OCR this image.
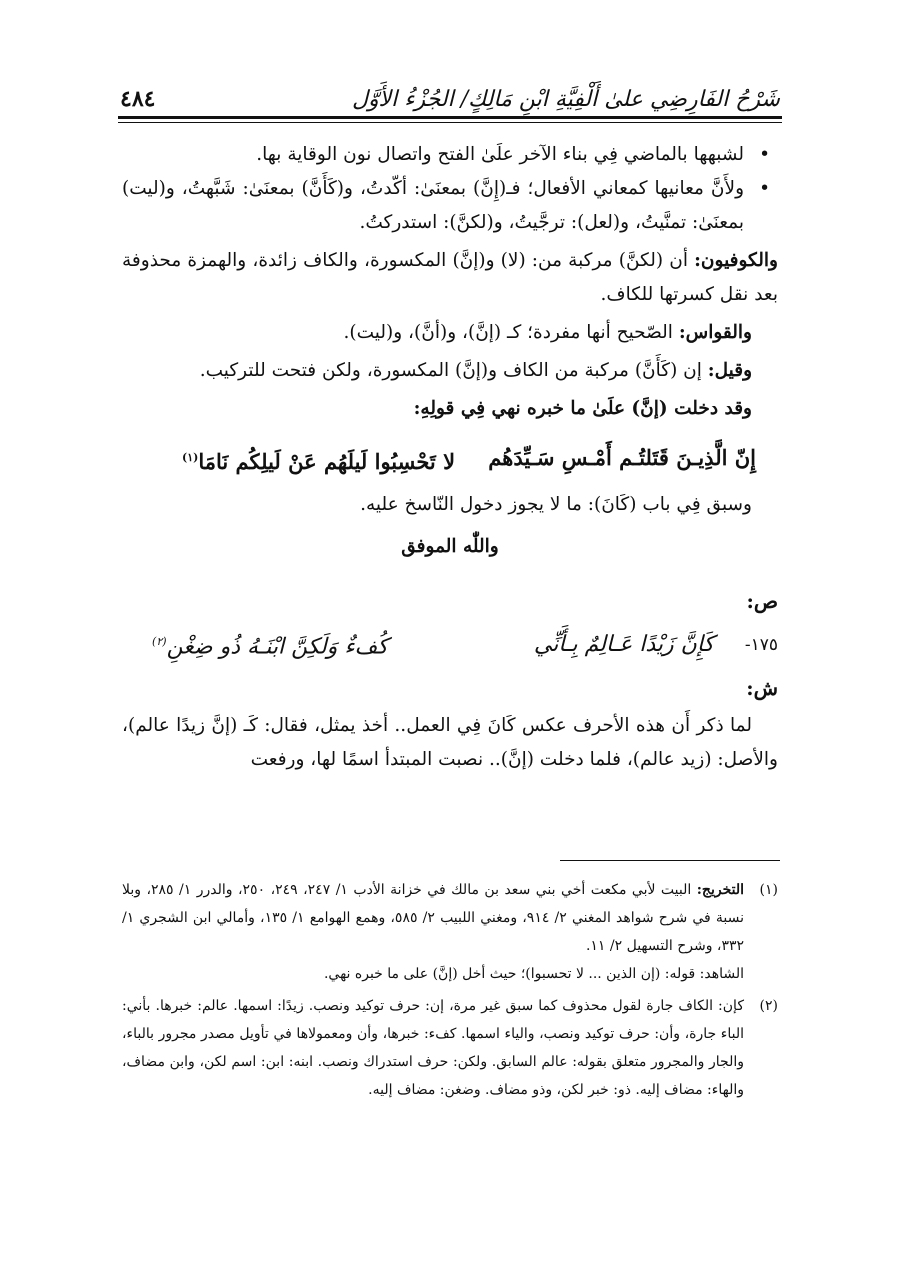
٤٨٤	شَرْحُ الفَارِضِي علىٰ أَلْفِيَّةِ ابْنِ مَالِكٍ/ الجُزْءُ الأَوَّل

• لشبهها بالماضي فِي بناء الآخر علَىٰ الفتح واتصال نون الوقاية بها.

• ولأَنَّ معانيها كمعاني الأفعال؛ فـ(إِنَّ) بمعنَىٰ: أكّدتُ، و(كَأَنَّ) بمعنَىٰ: شَبَّهتُ، و(ليت) بمعنَىٰ: تمنَّيتُ، و(لعل): ترجَّيتُ، و(لكنَّ): استدركتُ.

والكوفيون: أن (لكنَّ) مركبة من: (لا) و(إنَّ) المكسورة، والكاف زائدة، والهمزة محذوفة بعد نقل كسرتها للكاف.

والقواس: الصّحيح أنها مفردة؛ كـ (إنَّ)، و(أنَّ)، و(ليت).

وقيل: إن (كَأَنَّ) مركبة من الكاف و(إنَّ) المكسورة، ولكن فتحت للتركيب.

وقد دخلت (إنَّ) علَىٰ ما خبره نهي فِي قولِهِ:

إِنّ الَّذِيـنَ قَتَلتُـم أَمْـسِ سَـيِّدَهُم
لا تَحْسِبُوا لَيلَهُم عَنْ لَيلِكُم نَامَا$^{(١)}$

وسبق فِي باب (كَانَ): ما لا يجوز دخول النّاسخ عليه.

واللّٰه الموفق

ص:

١٧٥-
كَإِنَّ زَيْدًا عَـالِمٌ بِـأَنِّي
كُفءٌ وَلَكِنَّ ابْنَـهُ ذُو ضِغْنِ$^{(٢)}$

ش:

لما ذكر أَن هذه الأحرف عكس كَانَ فِي العمل.. أخذ يمثل، فقال: كَـ (إنَّ زيدًا عالم)، والأصل: (زيد عالم)، فلما دخلت (إنَّ).. نصبت المبتدأ اسمًا لها، ورفعت

(١)
التخريج: البيت لأبي مكعت أخي بني سعد بن مالك في خزانة الأدب ١/ ٢٤٧، ٢٤٩، ٢٥٠، والدرر ١/ ٢٨٥، وبلا نسبة في شرح شواهد المغني ٢/ ٩١٤، ومغني اللبيب ٢/ ٥٨٥، وهمع الهوامع ١/ ١٣٥، وأمالي ابن الشجري ١/ ٣٣٢، وشرح التسهيل ٢/ ١١.
الشاهد: قوله: (إن الذين ... لا تحسبوا)؛ حيث أخل (إنَّ) على ما خبره نهي.
(٢)
كإن: الكاف جارة لقول محذوف كما سبق غير مرة، إن: حرف توكيد ونصب. زيدًا: اسمها. عالم: خبرها. بأني: الباء جارة، وأن: حرف توكيد ونصب، والياء اسمها. كفء: خبرها، وأن ومعمولاها في تأويل مصدر مجرور بالباء، والجار والمجرور متعلق بقوله: عالم السابق. ولكن: حرف استدراك ونصب. ابنه: ابن: اسم لكن، وابن مضاف، والهاء: مضاف إليه. ذو: خبر لكن، وذو مضاف. وضغن: مضاف إليه.
